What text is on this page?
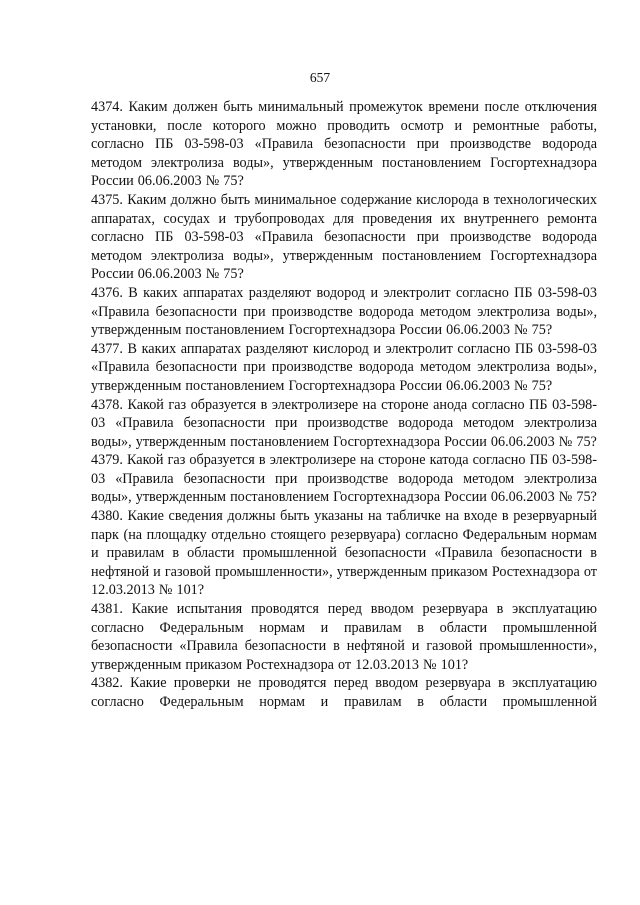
657

4374. Каким должен быть минимальный промежуток времени после отключения установки, после которого можно проводить осмотр и ремонтные работы, согласно ПБ 03-598-03 «Правила безопасности при производстве водорода методом электролиза воды», утвержденным постановлением Госгортехнадзора России 06.06.2003 № 75?

4375. Каким должно быть минимальное содержание кислорода в технологических аппаратах, сосудах и трубопроводах для проведения их внутреннего ремонта согласно ПБ 03-598-03 «Правила безопасности при производстве водорода методом электролиза воды», утвержденным постановлением Госгортехнадзора России 06.06.2003 № 75?

4376. В каких аппаратах разделяют водород и электролит согласно ПБ 03-598-03 «Правила безопасности при производстве водорода методом электролиза воды», утвержденным постановлением Госгортехнадзора России 06.06.2003 № 75?

4377. В каких аппаратах разделяют кислород и электролит согласно ПБ 03-598-03 «Правила безопасности при производстве водорода методом электролиза воды», утвержденным постановлением Госгортехнадзора России 06.06.2003 № 75?

4378. Какой газ образуется в электролизере на стороне анода согласно ПБ 03-598-03 «Правила безопасности при производстве водорода методом электролиза воды», утвержденным постановлением Госгортехнадзора России 06.06.2003 № 75?

4379. Какой газ образуется в электролизере на стороне катода согласно ПБ 03-598-03 «Правила безопасности при производстве водорода методом электролиза воды», утвержденным постановлением Госгортехнадзора России 06.06.2003 № 75?

4380. Какие сведения должны быть указаны на табличке на входе в резервуарный парк (на площадку отдельно стоящего резервуара) согласно Федеральным нормам и правилам в области промышленной безопасности «Правила безопасности в нефтяной и газовой промышленности», утвержденным приказом Ростехнадзора от 12.03.2013 № 101?

4381. Какие испытания проводятся перед вводом резервуара в эксплуатацию согласно Федеральным нормам и правилам в области промышленной безопасности «Правила безопасности в нефтяной и газовой промышленности», утвержденным приказом Ростехнадзора от 12.03.2013 № 101?

4382. Какие проверки не проводятся перед вводом резервуара в эксплуатацию согласно Федеральным нормам и правилам в области промышленной
